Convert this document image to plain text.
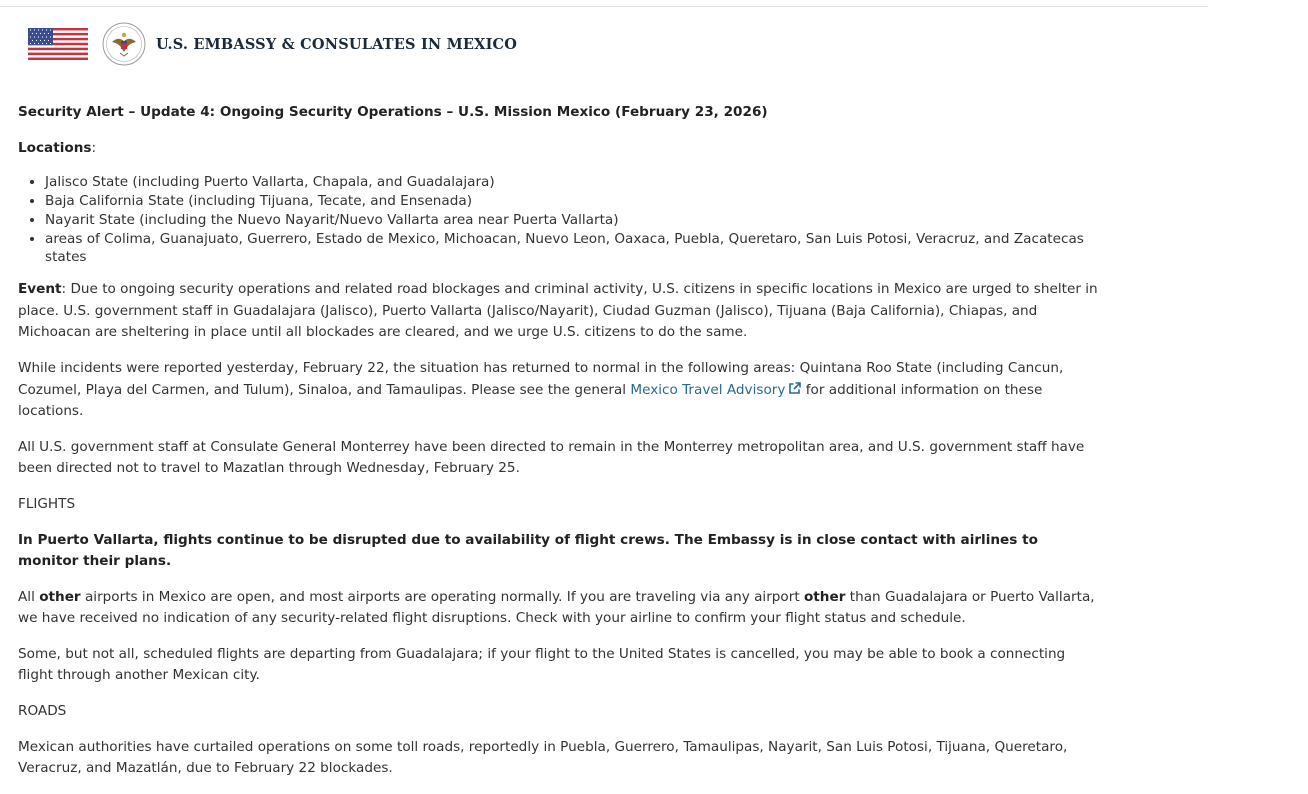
U.S. EMBASSY & CONSULATES IN MEXICO

Security Alert – Update 4: Ongoing Security Operations – U.S. Mission Mexico (February 23, 2026)

Locations:

• Jalisco State (including Puerto Vallarta, Chapala, and Guadalajara)
• Baja California State (including Tijuana, Tecate, and Ensenada)
• Nayarit State (including the Nuevo Nayarit/Nuevo Vallarta area near Puerta Vallarta)
• areas of Colima, Guanajuato, Guerrero, Estado de Mexico, Michoacan, Nuevo Leon, Oaxaca, Puebla, Queretaro, San Luis Potosi, Veracruz, and Zacatecas states

Event: Due to ongoing security operations and related road blockages and criminal activity, U.S. citizens in specific locations in Mexico are urged to shelter in place. U.S. government staff in Guadalajara (Jalisco), Puerto Vallarta (Jalisco/Nayarit), Ciudad Guzman (Jalisco), Tijuana (Baja California), Chiapas, and Michoacan are sheltering in place until all blockades are cleared, and we urge U.S. citizens to do the same.

While incidents were reported yesterday, February 22, the situation has returned to normal in the following areas: Quintana Roo State (including Cancun, Cozumel, Playa del Carmen, and Tulum), Sinaloa, and Tamaulipas. Please see the general Mexico Travel Advisory for additional information on these locations.

All U.S. government staff at Consulate General Monterrey have been directed to remain in the Monterrey metropolitan area, and U.S. government staff have been directed not to travel to Mazatlan through Wednesday, February 25.

FLIGHTS

In Puerto Vallarta, flights continue to be disrupted due to availability of flight crews. The Embassy is in close contact with airlines to monitor their plans.

All other airports in Mexico are open, and most airports are operating normally. If you are traveling via any airport other than Guadalajara or Puerto Vallarta, we have received no indication of any security-related flight disruptions. Check with your airline to confirm your flight status and schedule.

Some, but not all, scheduled flights are departing from Guadalajara; if your flight to the United States is cancelled, you may be able to book a connecting flight through another Mexican city.

ROADS

Mexican authorities have curtailed operations on some toll roads, reportedly in Puebla, Guerrero, Tamaulipas, Nayarit, San Luis Potosi, Tijuana, Queretaro, Veracruz, and Mazatlán, due to February 22 blockades.
